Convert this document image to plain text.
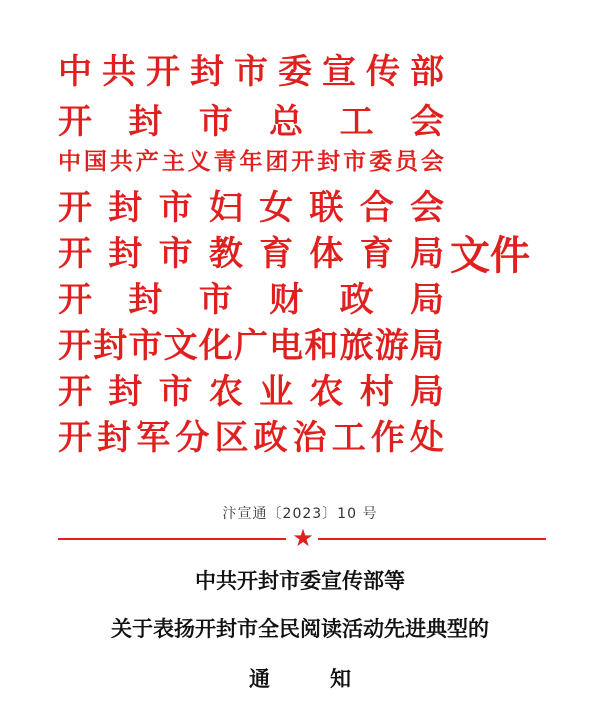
中 共 开 封 市 委 宣 传 部
开 封 市 总 工 会
中 国 共 产 主 义 青 年 团 开 封 市 委 员 会
开 封 市 妇 女 联 合 会
开 封 市 教 育 体 育 局
开 封 市 财 政 局
开封市文化广电和旅游局
开 封 市 农 业 农 村 局
开 封 军 分 区 政 治 工 作 处
文件
汴宣通〔2023〕10 号
★
中共开封市委宣传部等
关于表扬开封市全民阅读活动先进典型的
通知
